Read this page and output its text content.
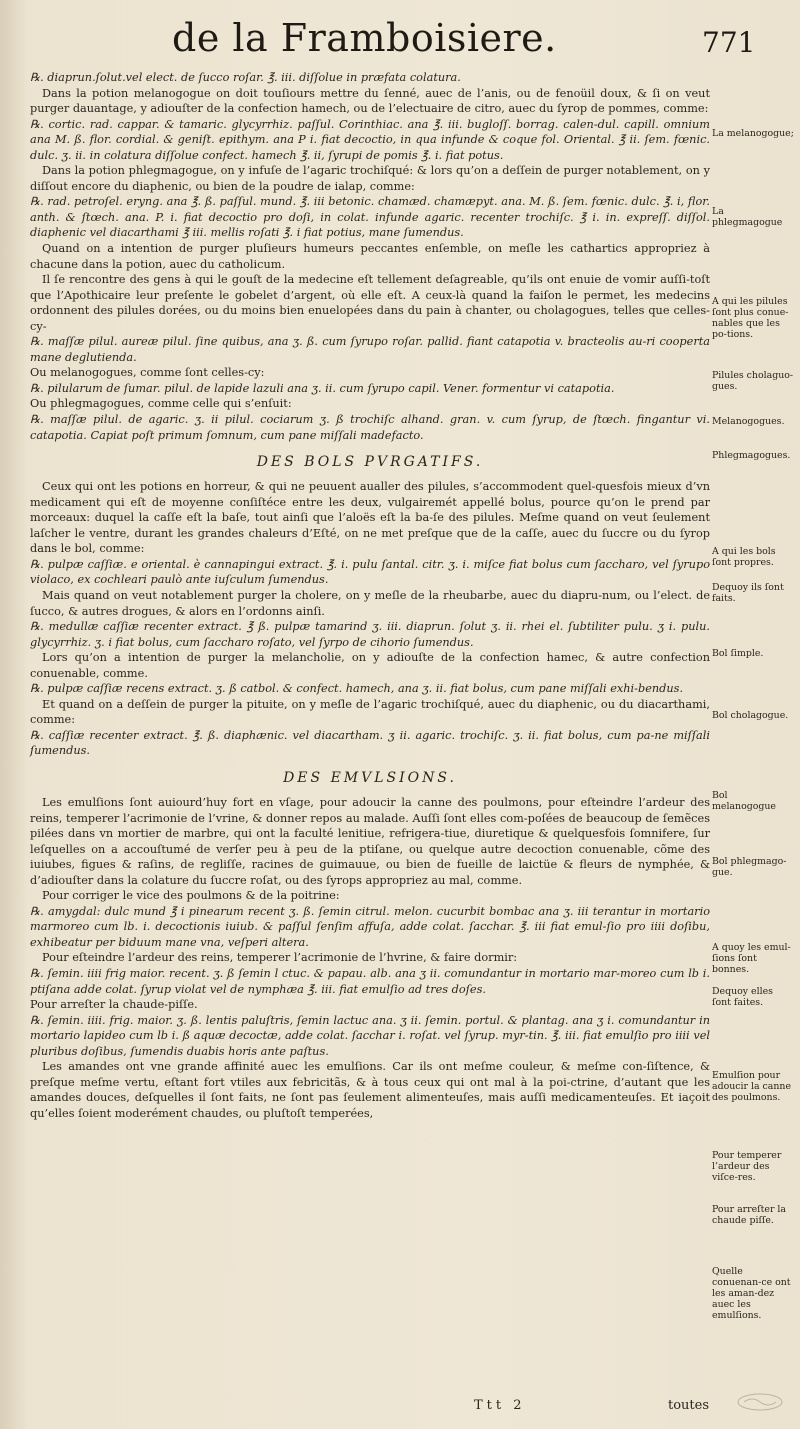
de la Framboisiere.	771
℞. diaprun.ſolut.vel elect. de ſucco roſar. ℥. iii. diſſolue in præfata colatura.
Dans la potion melanogogue on doit touſiours mettre du ſenné, auec de l’anis, ou de fenoüil doux, & ſi on veut purger dauantage, y adiouſter de la confection hamech, ou de l’electuaire de citro, auec du ſyrop de pommes, comme:
℞. cortic. rad. cappar. & tamaric. glycyrrhiz. paſſul. Corinthiac. ana ℥. iii. bugloſſ. borrag. calen-dul. capill. omnium ana M. ß. flor. cordial. & geniſt. epithym. ana P i. fiat decoctio, in qua infunde & coque fol. Oriental. ℥ ii. ſem. fœnic. dulc. ʒ. ii. in colatura diſſolue confect. hamech ℥. ii, ſyrupi de pomis ℥. i. fiat potus.
Dans la potion phlegmagogue, on y infuſe de l’agaric trochiſqué: & lors qu’on a deſſein de purger notablement, on y diſſout encore du diaphenic, ou bien de la poudre de ialap, comme:
℞. rad. petroſel. eryng. ana ℥. ß. paſſul. mund. ℥. iii betonic. chamæd. chamæpyt. ana. M. ß. ſem. fœnic. dulc. ℥. i, flor. anth. & ſtœch. ana. P. i. fiat decoctio pro doſi, in colat. infunde agaric. recenter trochiſc. ℥ i. in. expreſſ. diſſol. diaphenic vel diacarthami ℥ iii. mellis roſati ℥. i fiat potius, mane ſumendus.
Quand on a intention de purger pluſieurs humeurs peccantes enſemble, on meſle les cathartics appropriez à chacune dans la potion, auec du catholicum.
Il ſe rencontre des gens à qui le gouſt de la medecine eſt tellement deſagreable, qu’ils ont enuie de vomir auſſi-toſt que l’Apothicaire leur preſente le gobelet d’argent, où elle eſt. A ceux-là quand la faiſon le permet, les medecins ordonnent des pilules dorées, ou du moins bien enuelopées dans du pain à chanter, ou cholagogues, telles que celles-cy-
℞. maſſæ pilul. aureæ pilul. ſine quibus, ana ʒ. ß. cum ſyrupo roſar. pallid. fiant catapotia v. bracteolis au-ri cooperta mane deglutienda.
Ou melanogogues, comme ſont celles-cy:
℞. pilularum de ſumar. pilul. de lapide lazuli ana ʒ. ii. cum ſyrupo capil. Vener. formentur vi catapotia.
Ou phlegmagogues, comme celle qui s’enſuit:
℞. maſſæ pilul. de agaric. ʒ. ii pilul. cociarum ʒ. ß trochiſc alhand. gran. v. cum ſyrup, de ſtœch. fingantur vi. catapotia. Capiat poſt primum ſomnum, cum pane miſſali madefacto.
DES BOLS PVRGATIFS.
Ceux qui ont les potions en horreur, & qui ne peuuent aualler des pilules, s’accommodent quel-quesfois mieux d’vn medicament qui eſt de moyenne conſiſtéce entre les deux, vulgairemét appellé bolus, pource qu’on le prend par morceaux: duquel la caſſe eſt la baſe, tout ainſi que l’aloës eſt la ba-ſe des pilules. Meſme quand on veut ſeulement laſcher le ventre, durant les grandes chaleurs d’Eſté, on ne met preſque que de la caſſe, auec du ſuccre ou du ſyrop dans le bol, comme:
℞. pulpæ caſſiæ. e oriental. è cannapingui extract. ℥. i. pulu ſantal. citr. ʒ. i. miſce fiat bolus cum ſaccharo, vel ſyrupo violaco, ex cochleari paulò ante iuſculum ſumendus.
Mais quand on veut notablement purger la cholere, on y meſle de la rheubarbe, auec du diapru-num, ou l’elect. de ſucco, & autres drogues, & alors en l’ordonns ainſi.
℞. medullæ caſſiæ recenter extract. ℥ ß. pulpæ tamarind ʒ. iii. diaprun. ſolut ʒ. ii. rhei el. ſubtiliter pulu. ʒ i. pulu. glycyrrhiz. ʒ. i fiat bolus, cum ſaccharo roſato, vel ſyrpo de cihorio ſumendus.
Lors qu’on a intention de purger la melancholie, on y adiouſte de la confection hamec, & autre confection conuenable, comme.
℞. pulpæ caſſiæ recens extract. ʒ. ß catbol. & confect. hamech, ana ʒ. ii. fiat bolus, cum pane miſſali exhi-bendus.
Et quand on a deſſein de purger la pituite, on y meſle de l’agaric trochiſqué, auec du diaphenic, ou du diacarthami, comme:
℞. caſſiæ recenter extract. ℥. ß. diaphænic. vel diacartham. ʒ ii. agaric. trochiſc. ʒ. ii. fiat bolus, cum pa-ne miſſali ſumendus.
DES EMVLSIONS.
Les emulſions ſont auiourd’huy fort en vſage, pour adoucir la canne des poulmons, pour eſteindre l’ardeur des reins, temperer l’acrimonie de l’vrine, & donner repos au malade. Auſſi ſont elles com-poſées de beaucoup de ſemẽces pilées dans vn mortier de marbre, qui ont la faculté lenitiue, refrigera-tiue, diuretique & quelquesfois ſomnifere, ſur leſquelles on a accouſtumé de verſer peu à peu de la ptiſane, ou quelque autre decoction conuenable, cõme des iuiubes, figues & raſins, de regliſſe, racines de guimauue, ou bien de fueille de laictüe & fleurs de nymphée, & d’adiouſter dans la colature du ſuccre roſat, ou des ſyrops appropriez au mal, comme.
Pour corriger le vice des poulmons & de la poitrine:
℞. amygdal: dulc mund ℥ i pinearum recent ʒ. ß. ſemin citrul. melon. cucurbit bombac ana ʒ. iii terantur in mortario marmoreo cum lb. i. decoctionis iuiub. & paſſul ſenſim affuſa, adde colat. ſacchar. ℥. iii fiat emul-ſio pro iiii doſibu, exhibeatur per biduum mane vna, veſperi altera.
Pour eſteindre l’ardeur des reins, temperer l’acrimonie de l’hvrine, & faire dormir:
℞. ſemin. iiii frig maior. recent. ʒ. ß ſemin l ctuc. & papau. alb. ana ʒ ii. comundantur in mortario mar-moreo cum lb i. ptiſana adde colat. ſyrup violat vel de nymphæa ℥. iii. fiat emulſio ad tres doſes.
Pour arreſter la chaude-piſſe.
℞. ſemin. iiii. frig. maior. ʒ. ß. lentis paluſtris, ſemin lactuc ana. ʒ ii. ſemin. portul. & plantag. ana ʒ i. comundantur in mortario lapideo cum lb i. ß aquæ decoctæ, adde colat. ſacchar i. roſat. vel ſyrup. myr-tin. ℥. iii. fiat emulſio pro iiii vel pluribus doſibus, ſumendis duabis horis ante paſtus.
Les amandes ont vne grande affinité auec les emulſions. Car ils ont meſme couleur, & meſme con-ſiſtence, & preſque meſme vertu, eſtant fort vtiles aux febricitãs, & à tous ceux qui ont mal à la poi-ctrine, d’autant que les amandes douces, deſquelles il ſont faits, ne ſont pas ſeulement alimenteuſes, mais auſſi medicamenteuſes. Et iaçoit qu’elles ſoient moderément chaudes, ou pluſtoſt temperées,
La melanogogue;
La phlegmagogue
A qui les pilules ſont plus conue-nables que les po-tions.
Pilules cholaguo-gues.
Melanogogues.
Phlegmagogues.
A qui les bols ſont propres.
Dequoy ils ſont faits.
Bol ſimple.
Bol cholagogue.
Bol melanogogue
Bol phlegmago-gue.
A quoy les emul-ſions ſont bonnes.
Dequoy elles ſont faites.
Emulſion pour adoucir la canne des poulmons.
Pour temperer l’ardeur des viſce-res.
Pour arreſter la chaude piſſe.
Quelle conuenan-ce ont les aman-dez auec les emulſions.
Ttt 2	toutes
